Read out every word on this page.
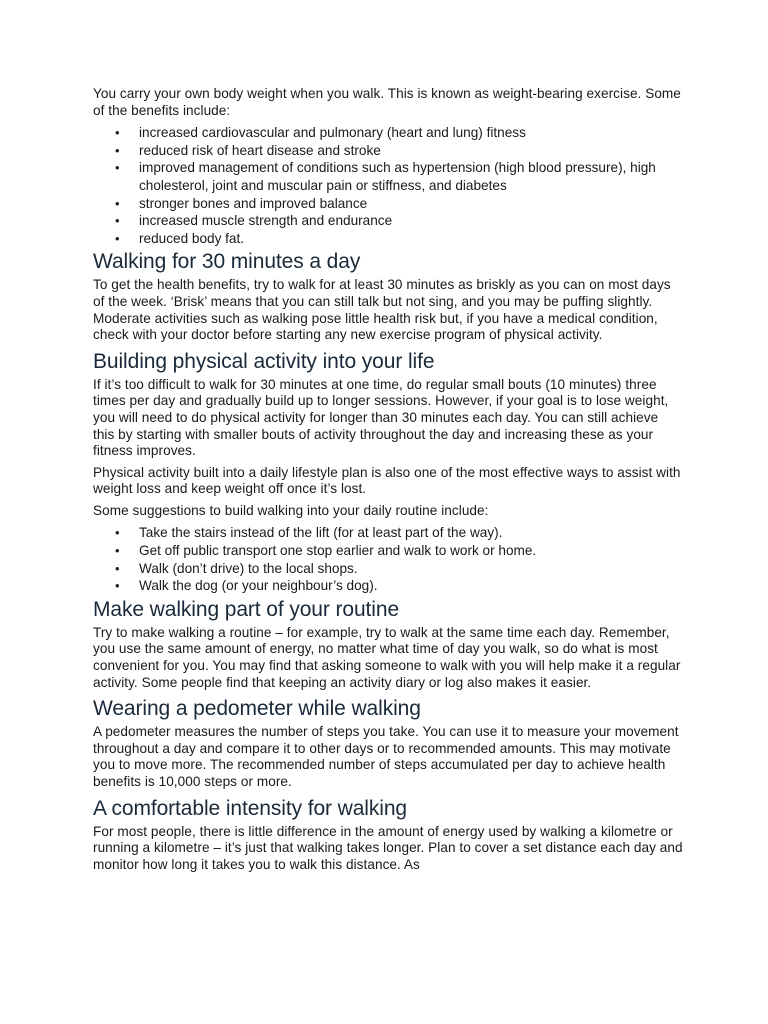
You carry your own body weight when you walk. This is known as weight-bearing exercise. Some of the benefits include:

• increased cardiovascular and pulmonary (heart and lung) fitness
• reduced risk of heart disease and stroke
• improved management of conditions such as hypertension (high blood pressure), high cholesterol, joint and muscular pain or stiffness, and diabetes
• stronger bones and improved balance
• increased muscle strength and endurance
• reduced body fat.
Walking for 30 minutes a day

To get the health benefits, try to walk for at least 30 minutes as briskly as you can on most days of the week. ‘Brisk’ means that you can still talk but not sing, and you may be puffing slightly. Moderate activities such as walking pose little health risk but, if you have a medical condition, check with your doctor before starting any new exercise program of physical activity.

Building physical activity into your life

If it’s too difficult to walk for 30 minutes at one time, do regular small bouts (10 minutes) three times per day and gradually build up to longer sessions. However, if your goal is to lose weight, you will need to do physical activity for longer than 30 minutes each day. You can still achieve this by starting with smaller bouts of activity throughout the day and increasing these as your fitness improves.

Physical activity built into a daily lifestyle plan is also one of the most effective ways to assist with weight loss and keep weight off once it’s lost.

Some suggestions to build walking into your daily routine include:

• Take the stairs instead of the lift (for at least part of the way).
• Get off public transport one stop earlier and walk to work or home.
• Walk (don’t drive) to the local shops.
• Walk the dog (or your neighbour’s dog).
Make walking part of your routine

Try to make walking a routine – for example, try to walk at the same time each day. Remember, you use the same amount of energy, no matter what time of day you walk, so do what is most convenient for you. You may find that asking someone to walk with you will help make it a regular activity. Some people find that keeping an activity diary or log also makes it easier.

Wearing a pedometer while walking

A pedometer measures the number of steps you take. You can use it to measure your movement throughout a day and compare it to other days or to recommended amounts. This may motivate you to move more. The recommended number of steps accumulated per day to achieve health benefits is 10,000 steps or more.

A comfortable intensity for walking

For most people, there is little difference in the amount of energy used by walking a kilometre or running a kilometre – it’s just that walking takes longer. Plan to cover a set distance each day and monitor how long it takes you to walk this distance. As
